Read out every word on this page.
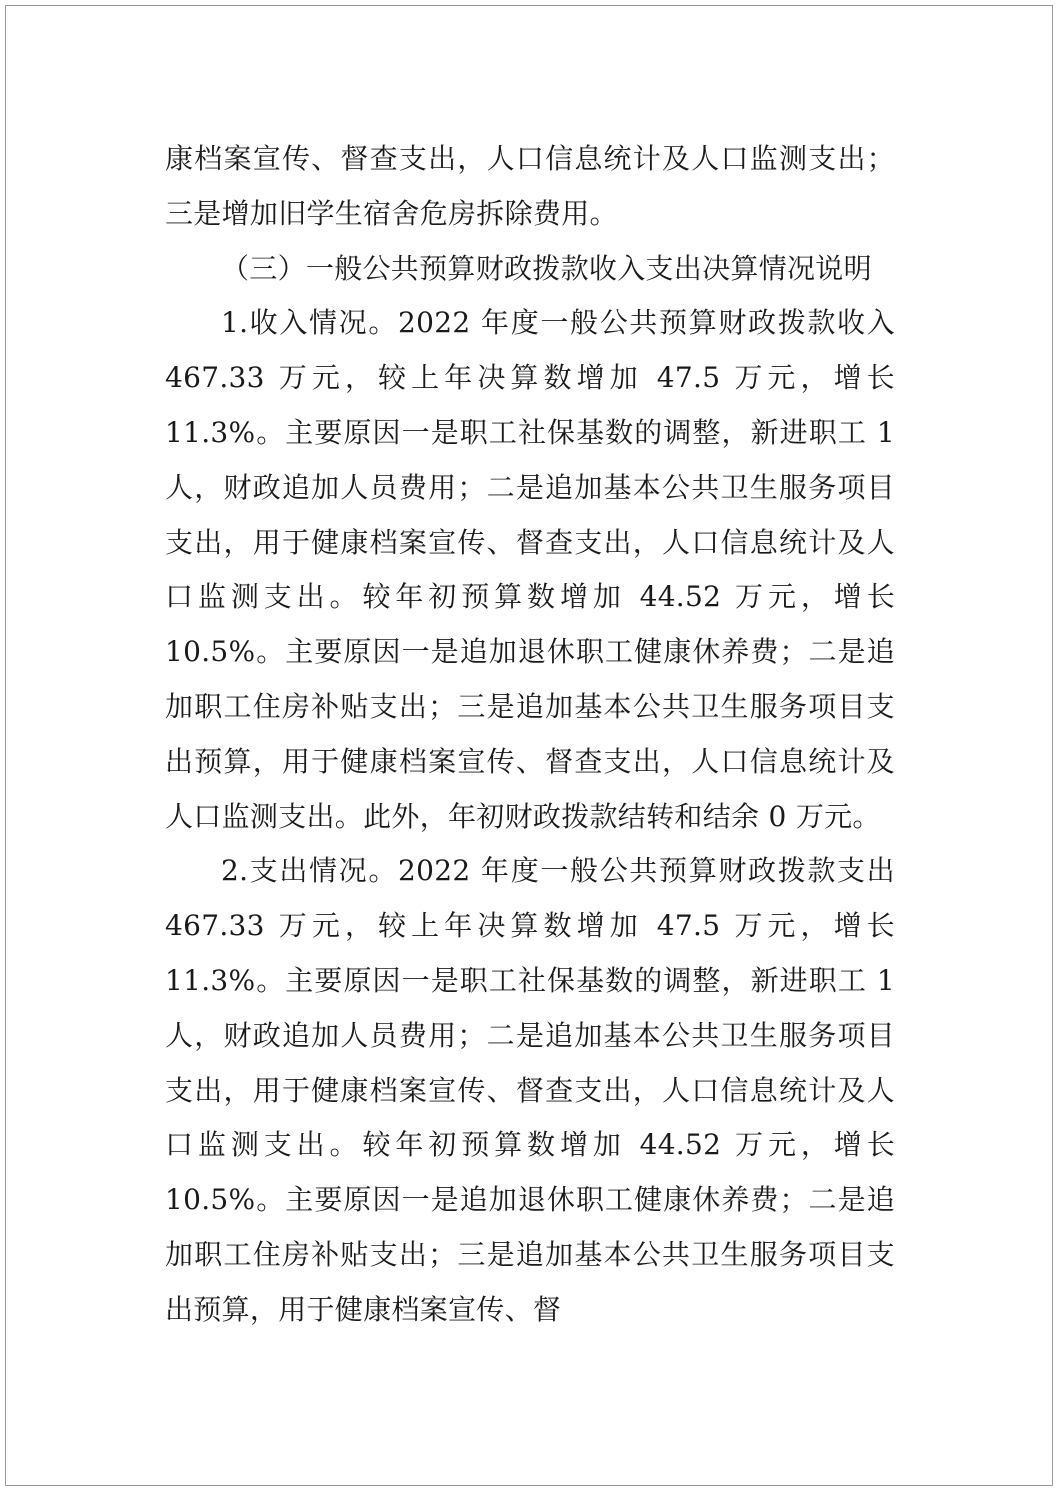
康档案宣传、督查支出，人口信息统计及人口监测支出；三是增加旧学生宿舍危房拆除费用。

（三）一般公共预算财政拨款收入支出决算情况说明

1.收入情况。2022 年度一般公共预算财政拨款收入467.33 万元，较上年决算数增加 47.5 万元，增长 11.3%。主要原因一是职工社保基数的调整，新进职工 1 人，财政追加人员费用；二是追加基本公共卫生服务项目支出，用于健康档案宣传、督查支出，人口信息统计及人口监测支出。较年初预算数增加 44.52 万元，增长 10.5%。主要原因一是追加退休职工健康休养费；二是追加职工住房补贴支出；三是追加基本公共卫生服务项目支出预算，用于健康档案宣传、督查支出，人口信息统计及人口监测支出。此外，年初财政拨款结转和结余 0 万元。

2.支出情况。2022 年度一般公共预算财政拨款支出467.33 万元，较上年决算数增加 47.5 万元，增长 11.3%。主要原因一是职工社保基数的调整，新进职工 1 人，财政追加人员费用；二是追加基本公共卫生服务项目支出，用于健康档案宣传、督查支出，人口信息统计及人口监测支出。较年初预算数增加 44.52 万元，增长 10.5%。主要原因一是追加退休职工健康休养费；二是追加职工住房补贴支出；三是追加基本公共卫生服务项目支出预算，用于健康档案宣传、督
